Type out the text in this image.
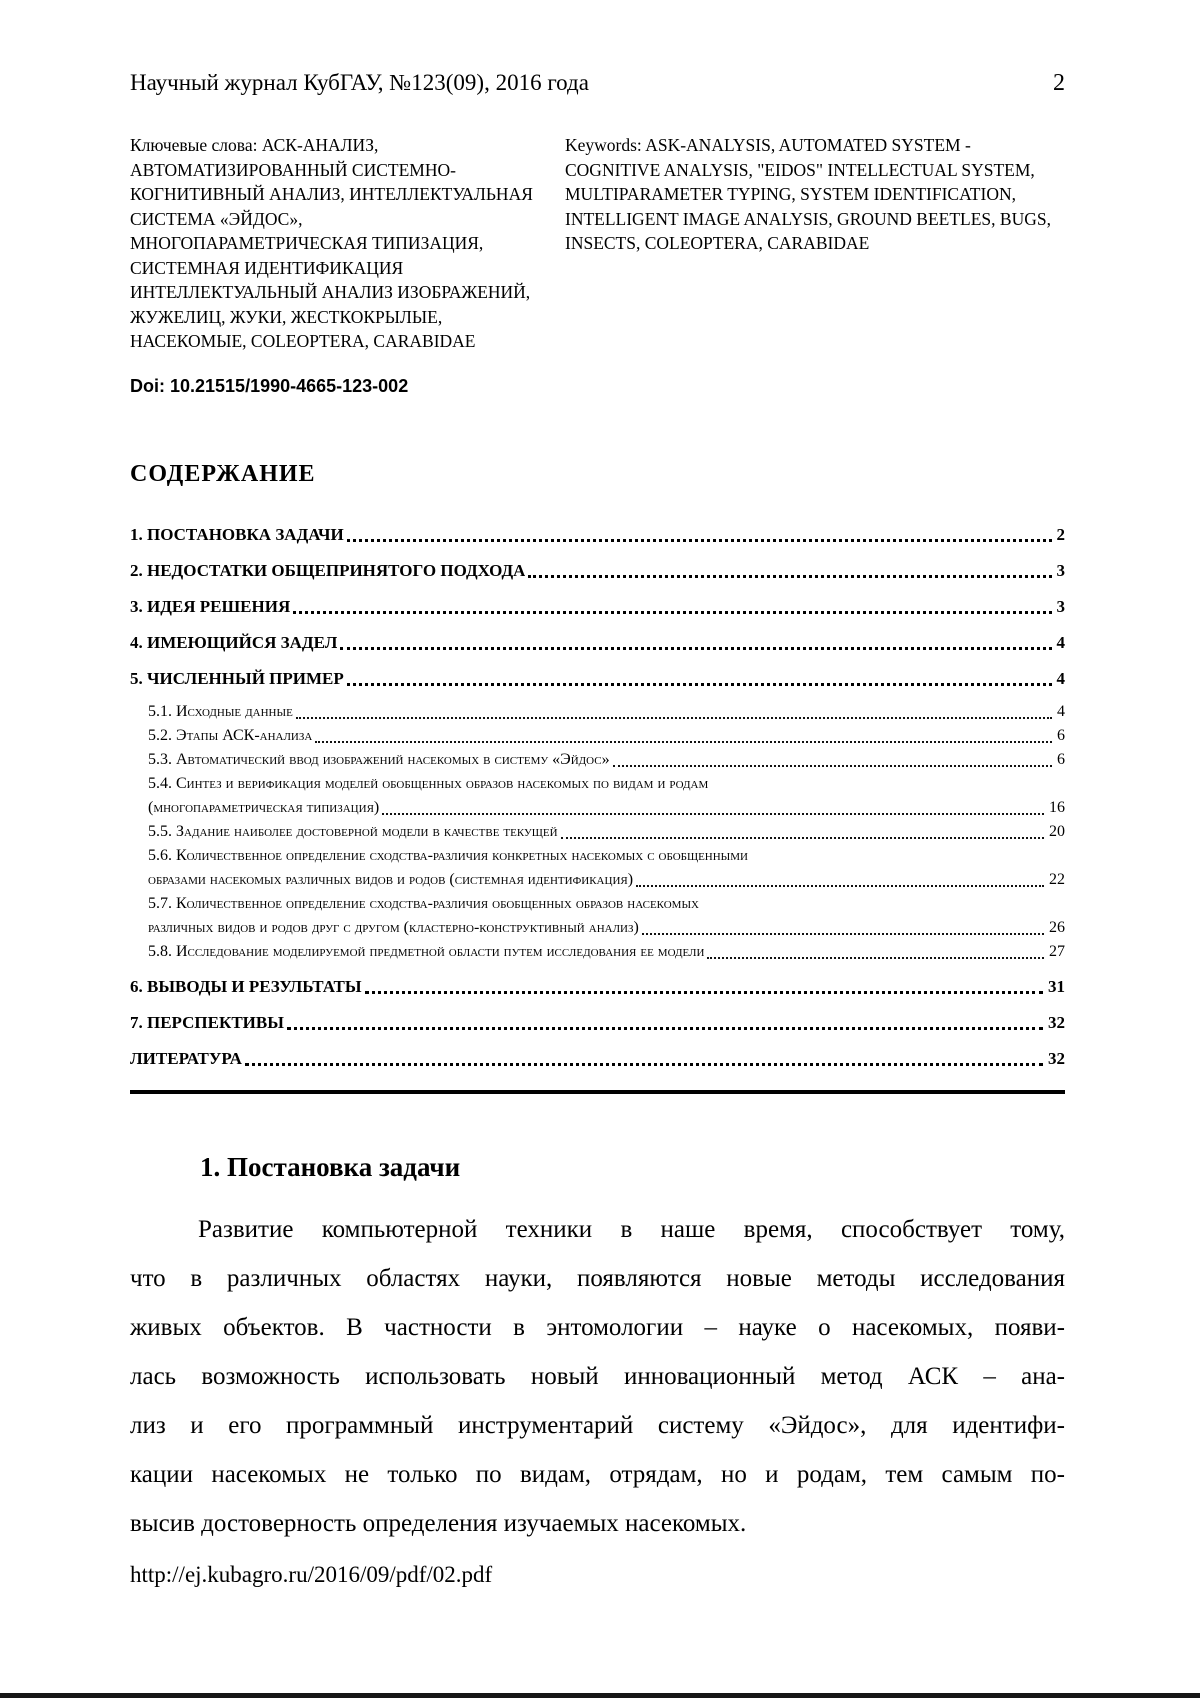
Научный журнал КубГАУ, №123(09), 2016 года	2
Ключевые слова: АСК-АНАЛИЗ, АВТОМАТИЗИРОВАННЫЙ СИСТЕМНО-КОГНИТИВНЫЙ АНАЛИЗ, ИНТЕЛЛЕКТУАЛЬНАЯ СИСТЕМА «ЭЙДОС», МНОГОПАРАМЕТРИЧЕСКАЯ ТИПИЗАЦИЯ, СИСТЕМНАЯ ИДЕНТИФИКАЦИЯ ИНТЕЛЛЕКТУАЛЬНЫЙ АНАЛИЗ ИЗОБРАЖЕНИЙ, ЖУЖЕЛИЦ, ЖУКИ, ЖЕСТКОКРЫЛЫЕ, НАСЕКОМЫЕ, COLEOPTERA, CARABIDAE
Keywords: ASK-ANALYSIS, AUTOMATED SYSTEM - COGNITIVE ANALYSIS, "EIDOS" INTELLECTUAL SYSTEM, MULTIPARAMETER TYPING, SYSTEM IDENTIFICATION, INTELLIGENT IMAGE ANALYSIS, GROUND BEETLES, BUGS, INSECTS, COLEOPTERA, CARABIDAE
Doi: 10.21515/1990-4665-123-002
СОДЕРЖАНИЕ
1. ПОСТАНОВКА ЗАДАЧИ	2
2. НЕДОСТАТКИ ОБЩЕПРИНЯТОГО ПОДХОДА	3
3. ИДЕЯ РЕШЕНИЯ	3
4. ИМЕЮЩИЙСЯ ЗАДЕЛ	4
5. ЧИСЛЕННЫЙ ПРИМЕР	4
5.1. Исходные данные	4
5.2. Этапы АСК-анализа	6
5.3. Автоматический ввод изображений насекомых в систему «Эйдос»	6
5.4. Синтез и верификация моделей обобщенных образов насекомых по видам и родам
(многопараметрическая типизация)	16
5.5. Задание наиболее достоверной модели в качестве текущей	20
5.6. Количественное определение сходства-различия конкретных насекомых с обобщенными
образами насекомых различных видов и родов (системная идентификация)	22
5.7. Количественное определение сходства-различия обобщенных образов насекомых
различных видов и родов друг с другом (кластерно-конструктивный анализ)	26
5.8. Исследование моделируемой предметной области путем исследования ее модели	27
6. ВЫВОДЫ И РЕЗУЛЬТАТЫ	31
7. ПЕРСПЕКТИВЫ	32
ЛИТЕРАТУРА	32
1. Постановка задачи
Развитие компьютерной техники в наше время, способствует тому,
что в различных областях науки, появляются новые методы исследования
живых объектов. В частности в энтомологии – науке о насекомых, появи-
лась возможность использовать новый инновационный метод АСК – ана-
лиз и его программный инструментарий систему «Эйдос», для идентифи-
кации насекомых не только по видам, отрядам, но и родам, тем самым по-
высив достоверность определения изучаемых насекомых.
http://ej.kubagro.ru/2016/09/pdf/02.pdf
